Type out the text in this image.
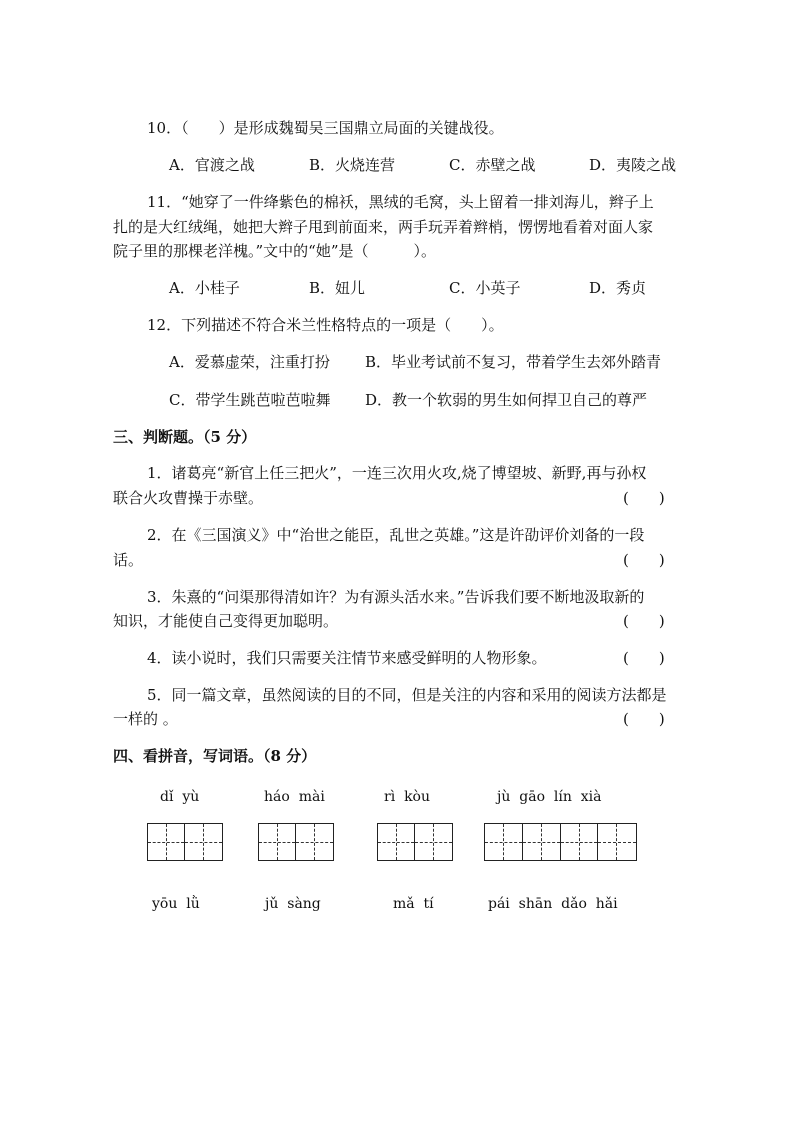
10．（　　）是形成魏蜀吴三国鼎立局面的关键战役。
A．官渡之战	B．火烧连营	C．赤壁之战	D．夷陵之战
11．“她穿了一件绛紫色的棉袄，黑绒的毛窝，头上留着一排刘海儿，辫子上
扎的是大红绒绳，她把大辫子甩到前面来，两手玩弄着辫梢，愣愣地看着对面人家
院子里的那棵老洋槐。”文中的“她”是（　　　）。
A．小桂子	B．妞儿	C．小英子	D．秀贞
12．下列描述不符合米兰性格特点的一项是（　　）。
A．爱慕虚荣，注重打扮 B．毕业考试前不复习，带着学生去郊外踏青
C．带学生跳芭啦芭啦舞 D．教一个软弱的男生如何捍卫自己的尊严
三、判断题。（5 分）
1．诸葛亮“新官上任三把火”，一连三次用火攻,烧了博望坡、新野,再与孙权
联合火攻曹操于赤壁。	(　　)
2．在《三国演义》中“治世之能臣，乱世之英雄。”这是许劭评价刘备的一段
话。	(　　)
3．朱熹的“问渠那得清如许？为有源头活水来。”告诉我们要不断地汲取新的
知识，才能使自己变得更加聪明。	(　　)
4．读小说时，我们只需要关注情节来感受鲜明的人物形象。	(　　)
5．同一篇文章，虽然阅读的目的不同，但是关注的内容和采用的阅读方法都是
一样的 。	(　　)
四、看拼音，写词语。（8 分）
dǐ  yù	háo  mài	rì  kòu	jù  gāo  lín  xià
yōu  lǜ	jǔ  sàng	mǎ  tí	pái  shān  dǎo  hǎi
